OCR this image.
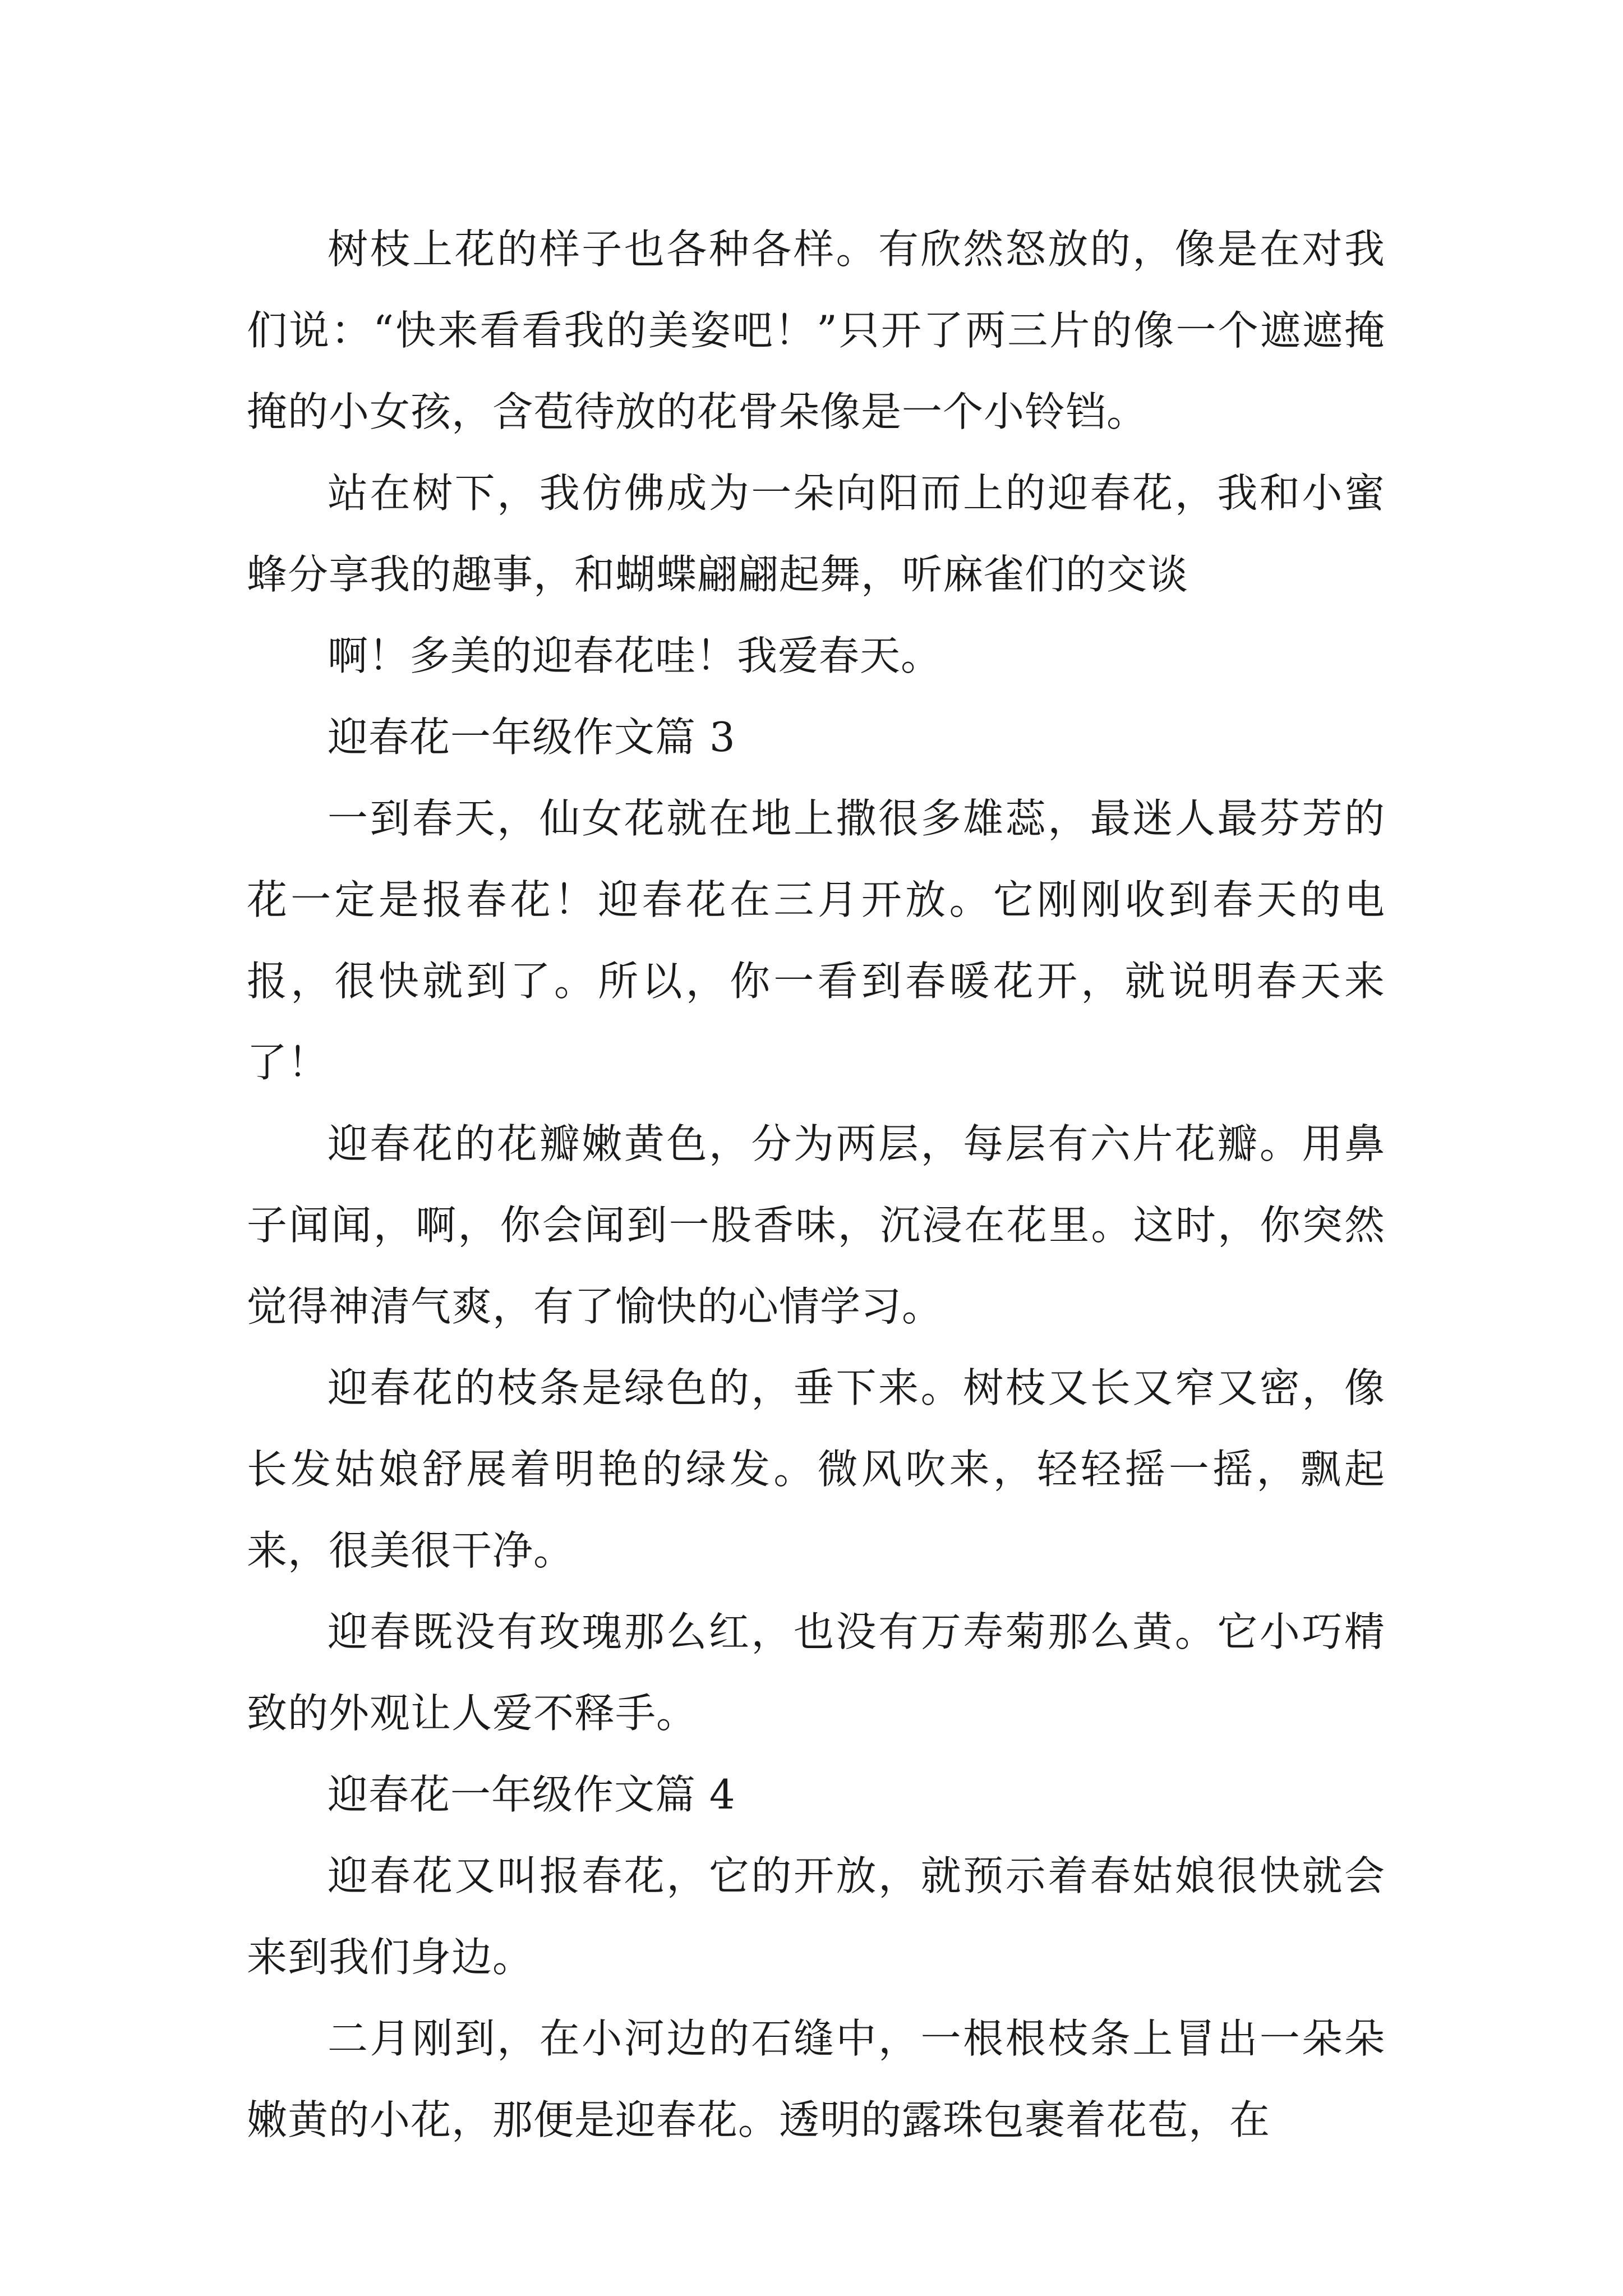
树枝上花的样子也各种各样。有欣然怒放的，像是在对我们说：“快来看看我的美姿吧！”只开了两三片的像一个遮遮掩掩的小女孩，含苞待放的花骨朵像是一个小铃铛。

站在树下，我仿佛成为一朵向阳而上的迎春花，我和小蜜蜂分享我的趣事，和蝴蝶翩翩起舞，听麻雀们的交谈

啊！多美的迎春花哇！我爱春天。

迎春花一年级作文篇 3

一到春天，仙女花就在地上撒很多雄蕊，最迷人最芬芳的花一定是报春花！迎春花在三月开放。它刚刚收到春天的电报，很快就到了。所以，你一看到春暖花开，就说明春天来了！

迎春花的花瓣嫩黄色，分为两层，每层有六片花瓣。用鼻子闻闻，啊，你会闻到一股香味，沉浸在花里。这时，你突然觉得神清气爽，有了愉快的心情学习。

迎春花的枝条是绿色的，垂下来。树枝又长又窄又密，像长发姑娘舒展着明艳的绿发。微风吹来，轻轻摇一摇，飘起来，很美很干净。

迎春既没有玫瑰那么红，也没有万寿菊那么黄。它小巧精致的外观让人爱不释手。

迎春花一年级作文篇 4

迎春花又叫报春花，它的开放，就预示着春姑娘很快就会来到我们身边。

二月刚到，在小河边的石缝中，一根根枝条上冒出一朵朵嫩黄的小花，那便是迎春花。透明的露珠包裹着花苞，在
